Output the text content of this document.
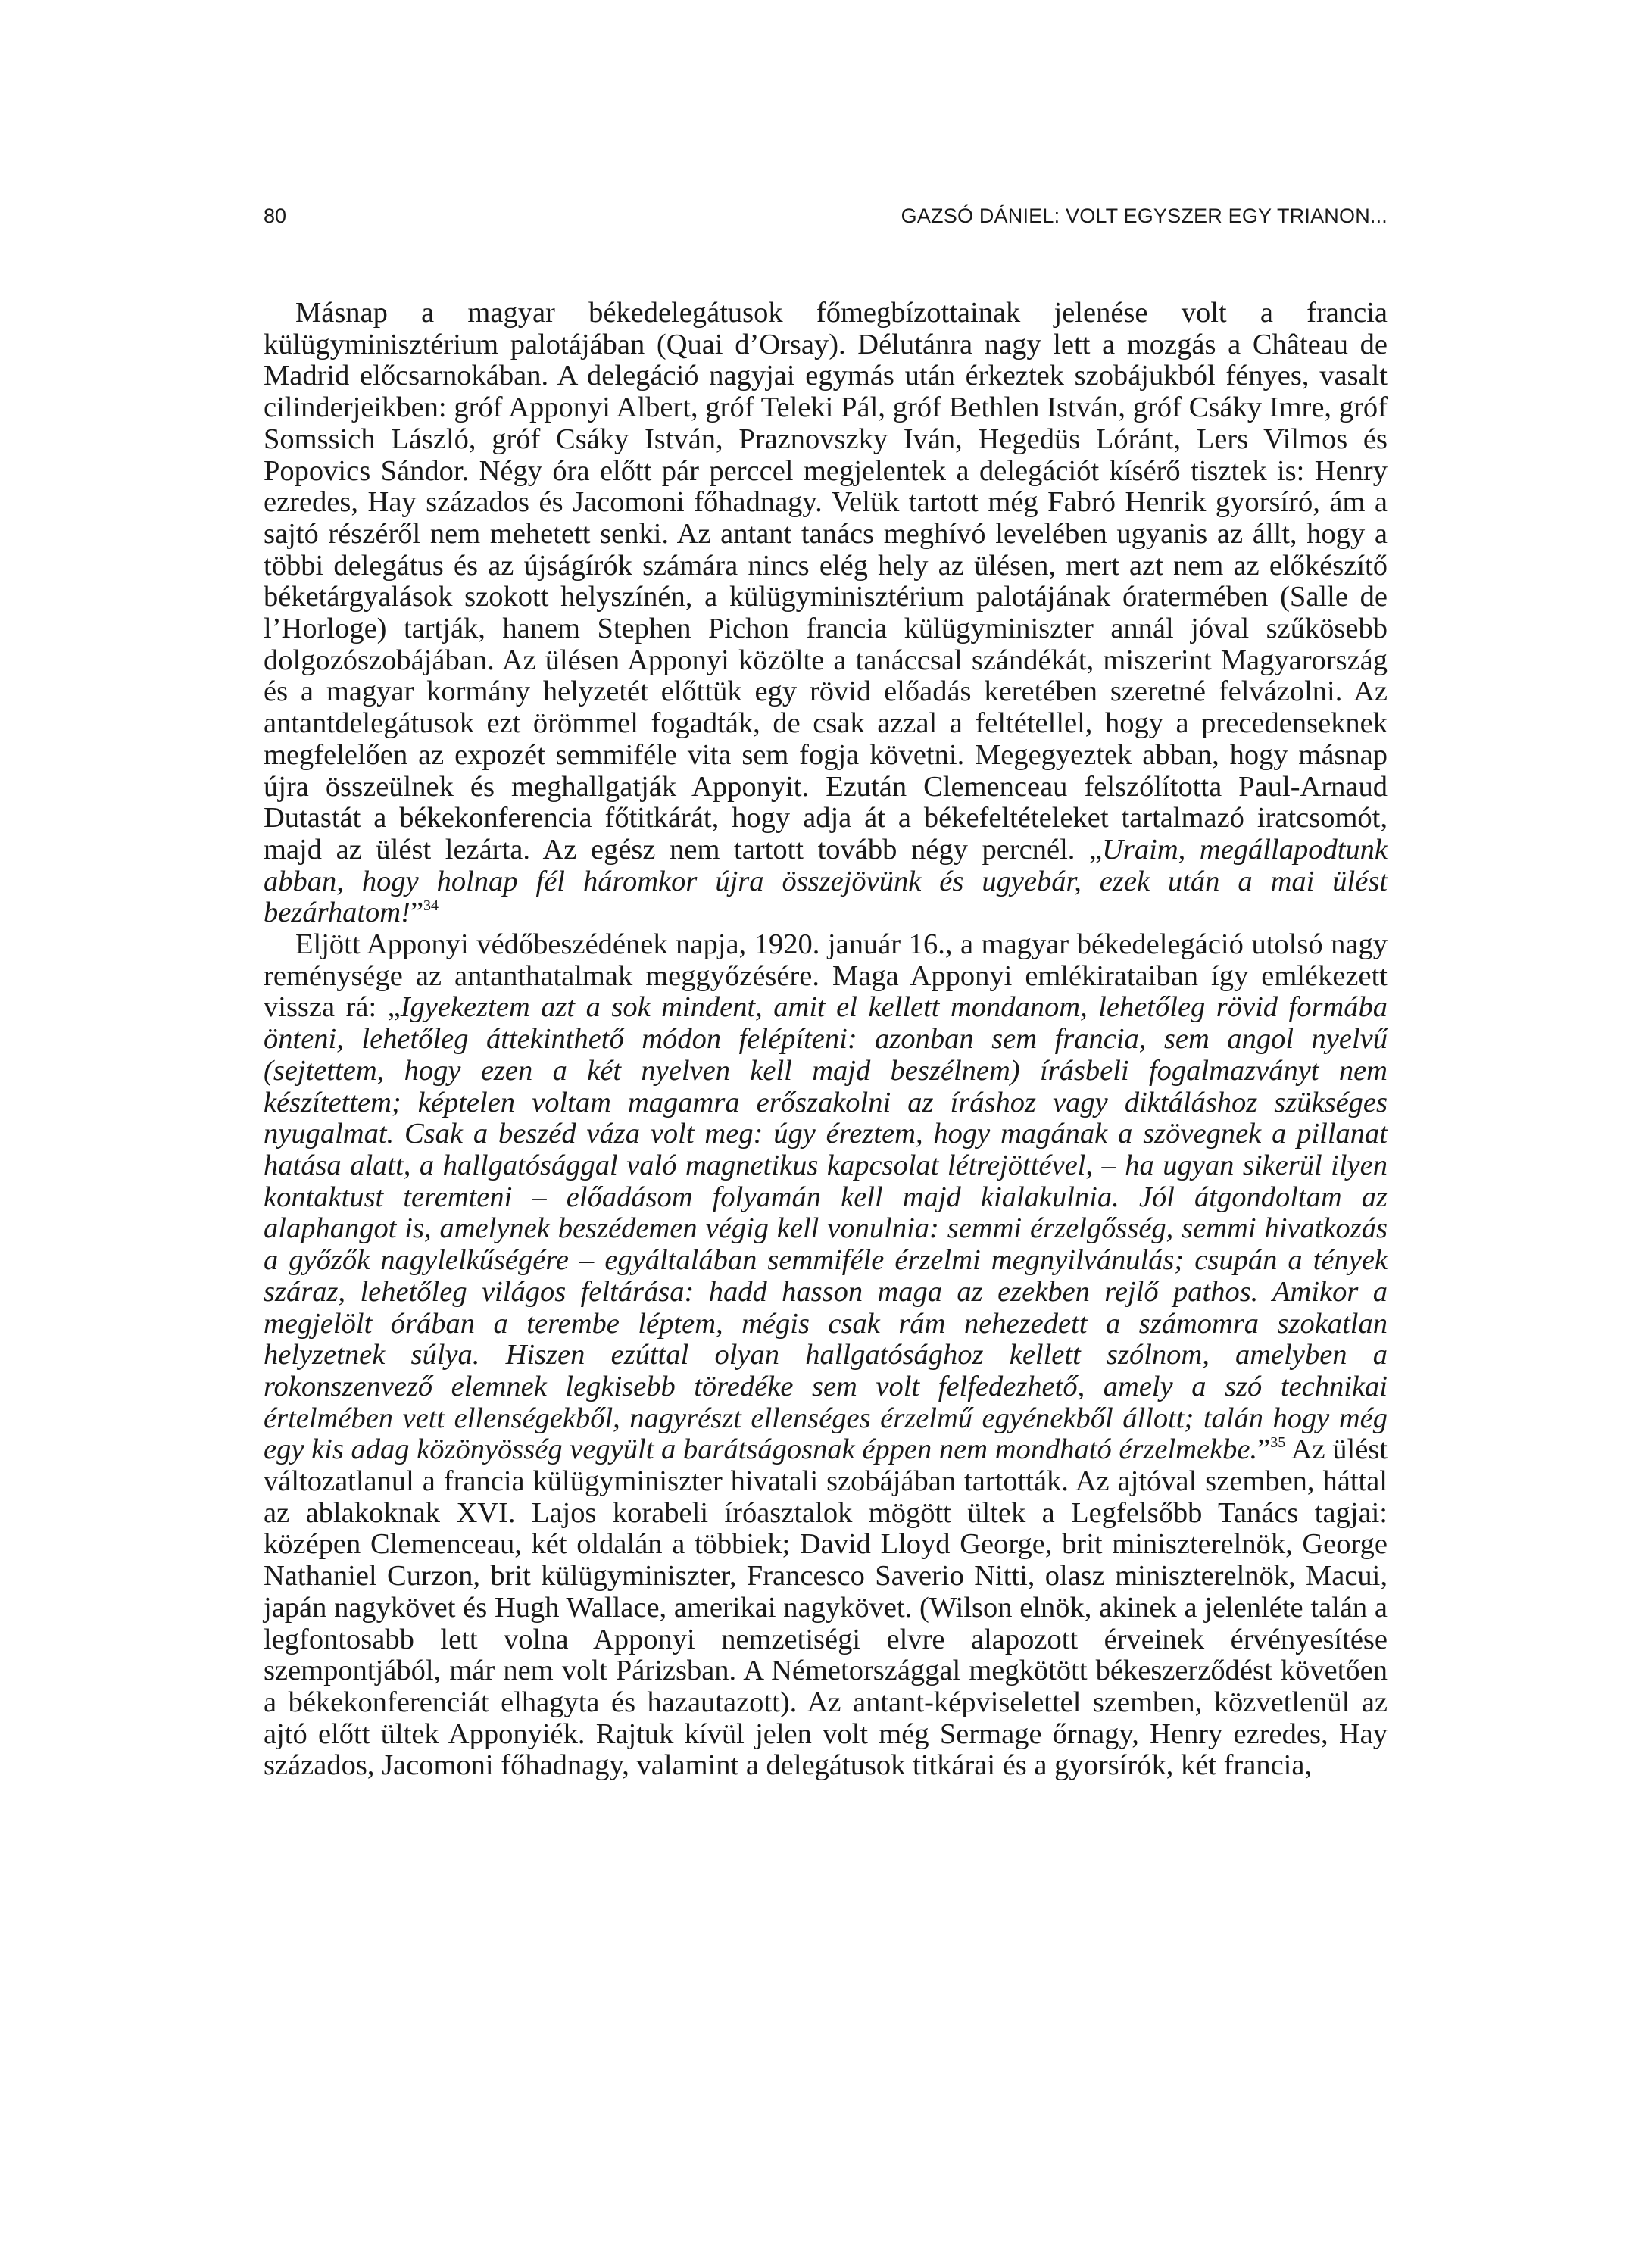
80	GAZSÓ DÁNIEL: VOLT EGYSZER EGY TRIANON...

Másnap a magyar békedelegátusok főmegbízottainak jelenése volt a francia külügyminisztérium palotájában (Quai d’Orsay). Délutánra nagy lett a mozgás a Château de Madrid előcsarnokában. A delegáció nagyjai egymás után érkeztek szobájukból fényes, vasalt cilinderjeikben: gróf Apponyi Albert, gróf Teleki Pál, gróf Bethlen István, gróf Csáky Imre, gróf Somssich László, gróf Csáky István, Praznovszky Iván, Hegedüs Lóránt, Lers Vilmos és Popovics Sándor. Négy óra előtt pár perccel megjelentek a delegációt kísérő tisztek is: Henry ezredes, Hay százados és Jacomoni főhadnagy. Velük tartott még Fabró Henrik gyorsíró, ám a sajtó részéről nem mehetett senki. Az antant tanács meghívó levelében ugyanis az állt, hogy a többi delegátus és az újságírók számára nincs elég hely az ülésen, mert azt nem az előkészítő béketárgyalások szokott helyszínén, a külügyminisztérium palotájának óratermében (Salle de l’Horloge) tartják, hanem Stephen Pichon francia külügyminiszter annál jóval szűkösebb dolgozószobájában. Az ülésen Apponyi közölte a tanáccsal szándékát, miszerint Magyarország és a magyar kormány helyzetét előttük egy rövid előadás keretében szeretné felvázolni. Az antantdelegátusok ezt örömmel fogadták, de csak azzal a feltétellel, hogy a precedenseknek megfelelően az expozét semmiféle vita sem fogja követni. Megegyeztek abban, hogy másnap újra összeülnek és meghallgatják Apponyit. Ezután Clemenceau felszólította Paul-Arnaud Dutastát a békekonferencia főtitkárát, hogy adja át a békefeltételeket tartalmazó iratcsomót, majd az ülést lezárta. Az egész nem tartott tovább négy percnél. „Uraim, megállapodtunk abban, hogy holnap fél háromkor újra összejövünk és ugyebár, ezek után a mai ülést bezárhatom!”$^{34}$

Eljött Apponyi védőbeszédének napja, 1920. január 16., a magyar békedelegáció utolsó nagy reménysége az antanthatalmak meggyőzésére. Maga Apponyi emlékirataiban így emlékezett vissza rá: „Igyekeztem azt a sok mindent, amit el kellett mondanom, lehetőleg rövid formába önteni, lehetőleg áttekinthető módon felépíteni: azonban sem francia, sem angol nyelvű (sejtettem, hogy ezen a két nyelven kell majd beszélnem) írásbeli fogalmazványt nem készítettem; képtelen voltam magamra erőszakolni az íráshoz vagy diktáláshoz szükséges nyugalmat. Csak a beszéd váza volt meg: úgy éreztem, hogy magának a szövegnek a pillanat hatása alatt, a hallgatósággal való magnetikus kapcsolat létrejöttével, – ha ugyan sikerül ilyen kontaktust teremteni – előadásom folyamán kell majd kialakulnia. Jól átgondoltam az alaphangot is, amelynek beszédemen végig kell vonulnia: semmi érzelgősség, semmi hivatkozás a győzők nagylelkűségére – egyáltalában semmiféle érzelmi megnyilvánulás; csupán a tények száraz, lehetőleg világos feltárása: hadd hasson maga az ezekben rejlő pathos. Amikor a megjelölt órában a terembe léptem, mégis csak rám nehezedett a számomra szokatlan helyzetnek súlya. Hiszen ezúttal olyan hallgatósághoz kellett szólnom, amelyben a rokonszenvező elemnek legkisebb töredéke sem volt felfedezhető, amely a szó technikai értelmében vett ellenségekből, nagyrészt ellenséges érzelmű egyénekből állott; talán hogy még egy kis adag közönyösség vegyült a barátságosnak éppen nem mondható érzelmekbe.”$^{35}$ Az ülést változatlanul a francia külügyminiszter hivatali szobájában tartották. Az ajtóval szemben, háttal az ablakoknak XVI. Lajos korabeli íróasztalok mögött ültek a Legfelsőbb Tanács tagjai: középen Clemenceau, két oldalán a többiek; David Lloyd George, brit miniszterelnök, George Nathaniel Curzon, brit külügyminiszter, Francesco Saverio Nitti, olasz miniszterelnök, Macui, japán nagykövet és Hugh Wallace, amerikai nagykövet. (Wilson elnök, akinek a jelenléte talán a legfontosabb lett volna Apponyi nemzetiségi elvre alapozott érveinek érvényesítése szempontjából, már nem volt Párizsban. A Németországgal megkötött békeszerződést követően a békekonferenciát elhagyta és hazautazott). Az antant-képviselettel szemben, közvetlenül az ajtó előtt ültek Apponyiék. Rajtuk kívül jelen volt még Sermage őrnagy, Henry ezredes, Hay százados, Jacomoni főhadnagy, valamint a delegátusok titkárai és a gyorsírók, két francia,
